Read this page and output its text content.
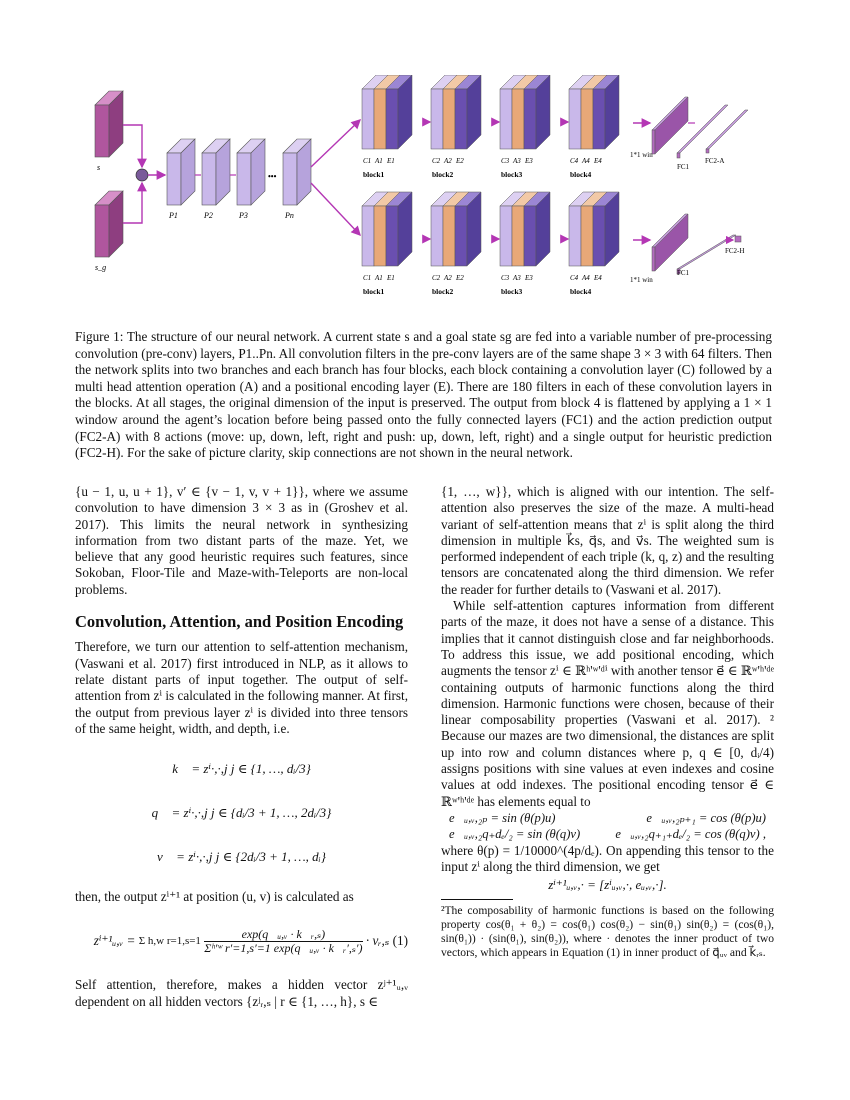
s
s_g
•••
P1	P2	P3	Pn
C1 A1 E1
block1
C2 A2 E2
block2
C3 A3 E3
block3
C4 A4 E4
block4
C1 A1 E1
block1
C2 A2 E2
block2
C3 A3 E3
block3
C4 A4 E4
block4
1*1 win
FC1
FC2-A
1*1 win
FC1
FC2-H
Figure 1: The structure of our neural network. A current state s and a goal state sg are fed into a variable number of pre-processing convolution (pre-conv) layers, P1..Pn. All convolution filters in the pre-conv layers are of the same shape 3 × 3 with 64 filters. Then the network splits into two branches and each branch has four blocks, each block containing a convolution layer (C) followed by a multi head attention operation (A) and a positional encoding layer (E). There are 180 filters in each of these convolution layers in the blocks. At all stages, the original dimension of the input is preserved. The output from block 4 is flattened by applying a 1 × 1 window around the agent’s location before being passed onto the fully connected layers (FC1) and the action prediction output (FC2-A) with 8 actions (move: up, down, left, right and push: up, down, left, right) and a single output for heuristic prediction (FC2-H). For the sake of picture clarity, skip connections are not shown in the neural network.

{u − 1, u, u + 1}, v′ ∈ {v − 1, v, v + 1}}, where we assume convolution to have dimension 3 × 3 as in (Groshev et al. 2017). This limits the neural network in synthesizing information from two distant parts of the maze. Yet, we believe that any good heuristic requires such features, since Sokoban, Floor-Tile and Maze-with-Teleports are non-local problems.

Convolution, Attention, and Position Encoding

Therefore, we turn our attention to self-attention mechanism, (Vaswani et al. 2017) first introduced in NLP, as it allows to relate distant parts of input together. The output of self-attention from zⁱ is calculated in the following manner. At first, the output from previous layer zⁱ is divided into three tensors of the same height, width, and depth, i.e.

k⃗ = zⁱ·,·,j j ∈ {1, …, dᵢ/3}
q⃗ = zⁱ·,·,j j ∈ {dᵢ/3 + 1, …, 2dᵢ/3}
v⃗ = zⁱ·,·,j j ∈ {2dᵢ/3 + 1, …, dᵢ}

then, the output zⁱ⁺¹ at position (u, v) is calculated as

zⁱ⁺¹ᵤ,ᵥ =
Σ h,w r=1,s=1
$\frac{\text{exp(q⃗ᵤ,ᵥ · k⃗ᵣ,ₛ)}}{\text{Σʰ'ʷ r′=1,s′=1 exp(q⃗ᵤ,ᵥ · k⃗ᵣ′,ₛ′)}}$
· vᵣ,ₛ (1)

Self attention, therefore, makes a hidden vector zʲ⁺¹ᵤ,ᵥ dependent on all hidden vectors {zʲᵣ,ₛ | r ∈ {1, …, h}, s ∈

{1, …, w}}, which is aligned with our intention. The self-attention also preserves the size of the maze. A multi-head variant of self-attention means that zⁱ is split along the third dimension in multiple k⃗s, q⃗s, and v⃗s. The weighted sum is performed independent of each triple (k, q, z) and the resulting tensors are concatenated along the third dimension. We refer the reader for further details to (Vaswani et al. 2017).

While self-attention captures information from different parts of the maze, it does not have a sense of a distance. This implies that it cannot distinguish close and far neighborhoods. To address this issue, we add positional encoding, which augments the tensor zⁱ ∈ ℝʰ'ʷ'ᵈⁱ with another tensor e⃗ ∈ ℝʷ'ʰ'ᵈᵉ containing outputs of harmonic functions along the third dimension. Harmonic functions were chosen, because of their linear composability properties (Vaswani et al. 2017). ² Because our mazes are two dimensional, the distances are split up into row and column distances where p, q ∈ [0, dᵢ/4) assigns positions with sine values at even indexes and cosine values at odd indexes. The positional encoding tensor e⃗ ∈ ℝʷ'ʰ'ᵈᵉ has elements equal to

e⃗ᵤ,ᵥ,₂ₚ = sin (θ(p)u)	e⃗ᵤ,ᵥ,₂ₚ₊₁ = cos (θ(p)u)
e⃗ᵤ,ᵥ,₂q₊dₑ/₂ = sin (θ(q)v)	e⃗ᵤ,ᵥ,₂q₊₁₊dₑ/₂ = cos (θ(q)v) ,

where θ(p) = 1/10000^(4p/dₑ). On appending this tensor to the input zⁱ along the third dimension, we get

zⁱ⁺¹ᵤ,ᵥ,· = [zⁱᵤ,ᵥ,·, eᵤ,ᵥ,·].

²The composability of harmonic functions is based on the following property cos(θ₁ + θ₂) = cos(θ₁) cos(θ₂) − sin(θ₁) sin(θ₂) = (cos(θ₁), sin(θ₁)) · (sin(θ₁), sin(θ₂)), where · denotes the inner product of two vectors, which appears in Equation (1) in inner product of q⃗ᵤᵥ and k⃗ᵣₛ.
